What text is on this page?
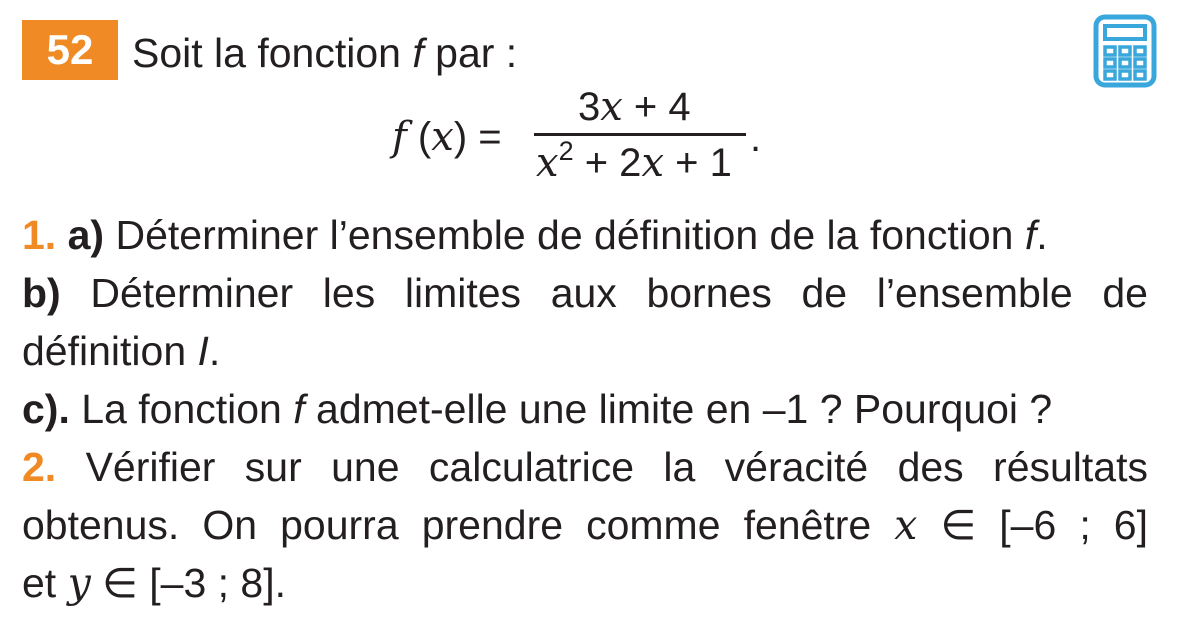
52 Soit la fonction f par :
f (x) =
3x + 4
$x^2 + 2x + 1$
.
1. a) Déterminer l’ensemble de définition de la fonction f.
b) Déterminer les limites aux bornes de l’ensemble de
définition I.
c). La fonction f admet-elle une limite en –1 ? Pourquoi ?
2. Vérifier sur une calculatrice la véracité des résultats
obtenus. On pourra prendre comme fenêtre x ∈ [–6 ; 6]
et y ∈ [–3 ; 8].
